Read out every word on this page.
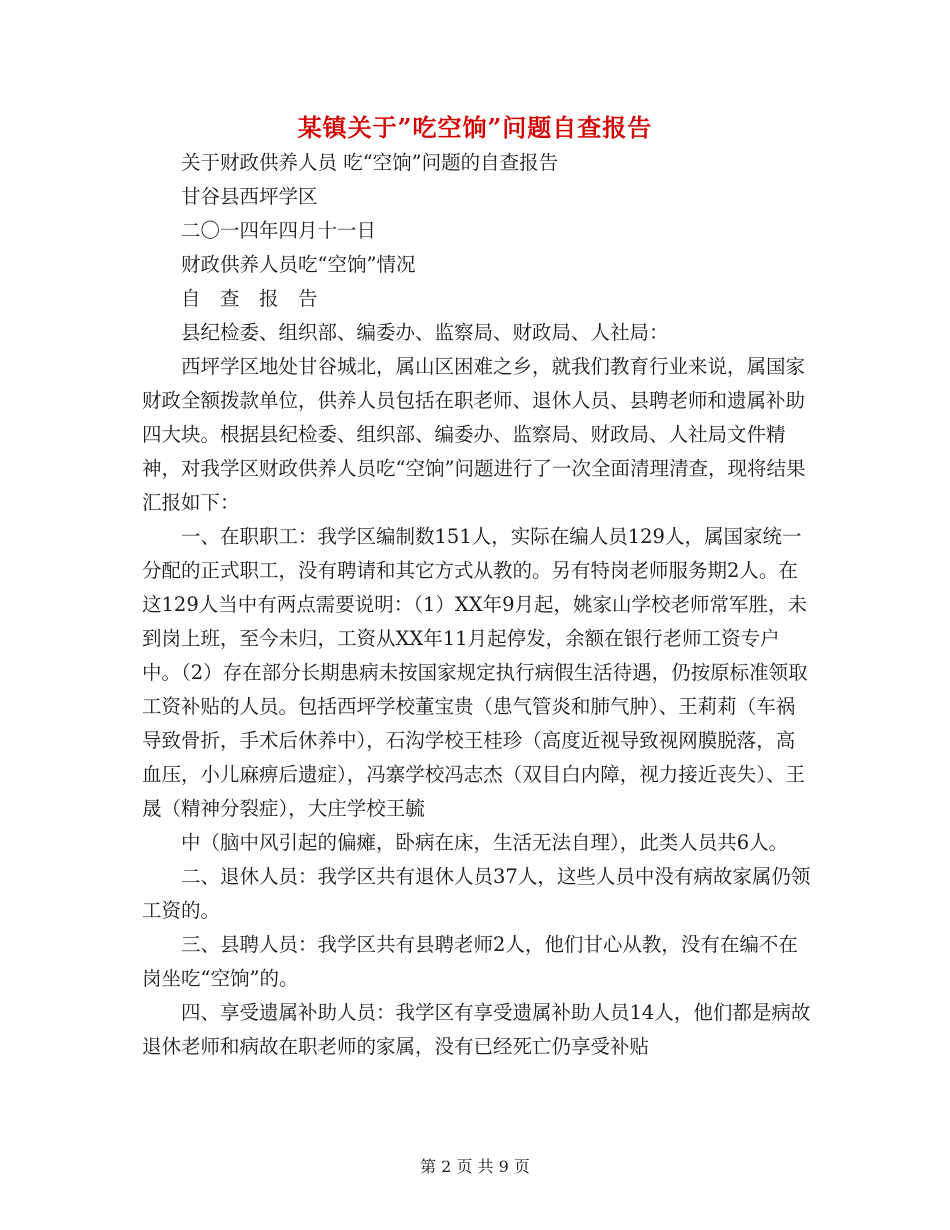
某镇关于”吃空饷”问题自查报告

关于财政供养人员 吃“空饷”问题的自查报告

甘谷县西坪学区

二〇一四年四月十一日

财政供养人员吃“空饷”情况

自　查　报　告

县纪检委、组织部、编委办、监察局、财政局、人社局：

西坪学区地处甘谷城北，属山区困难之乡，就我们教育行业来说，属国家财政全额拨款单位，供养人员包括在职老师、退休人员、县聘老师和遗属补助四大块。根据县纪检委、组织部、编委办、监察局、财政局、人社局文件精神，对我学区财政供养人员吃“空饷”问题进行了一次全面清理清查，现将结果汇报如下：

一、在职职工：我学区编制数151人，实际在编人员129人，属国家统一分配的正式职工，没有聘请和其它方式从教的。另有特岗老师服务期2人。在这129人当中有两点需要说明：（1）XX年9月起，姚家山学校老师常军胜，未到岗上班，至今未归，工资从XX年11月起停发，余额在银行老师工资专户中。（2）存在部分长期患病未按国家规定执行病假生活待遇，仍按原标准领取工资补贴的人员。包括西坪学校董宝贵（患气管炎和肺气肿）、王莉莉（车祸导致骨折，手术后休养中），石沟学校王桂珍（高度近视导致视网膜脱落，高血压，小儿麻痹后遗症），冯寨学校冯志杰（双目白内障，视力接近丧失）、王晟（精神分裂症），大庄学校王毓

中（脑中风引起的偏瘫，卧病在床，生活无法自理），此类人员共6人。

二、退休人员：我学区共有退休人员37人，这些人员中没有病故家属仍领工资的。

三、县聘人员：我学区共有县聘老师2人，他们甘心从教，没有在编不在岗坐吃“空饷”的。

四、享受遗属补助人员：我学区有享受遗属补助人员14人，他们都是病故退休老师和病故在职老师的家属，没有已经死亡仍享受补贴

第 2 页 共 9 页
